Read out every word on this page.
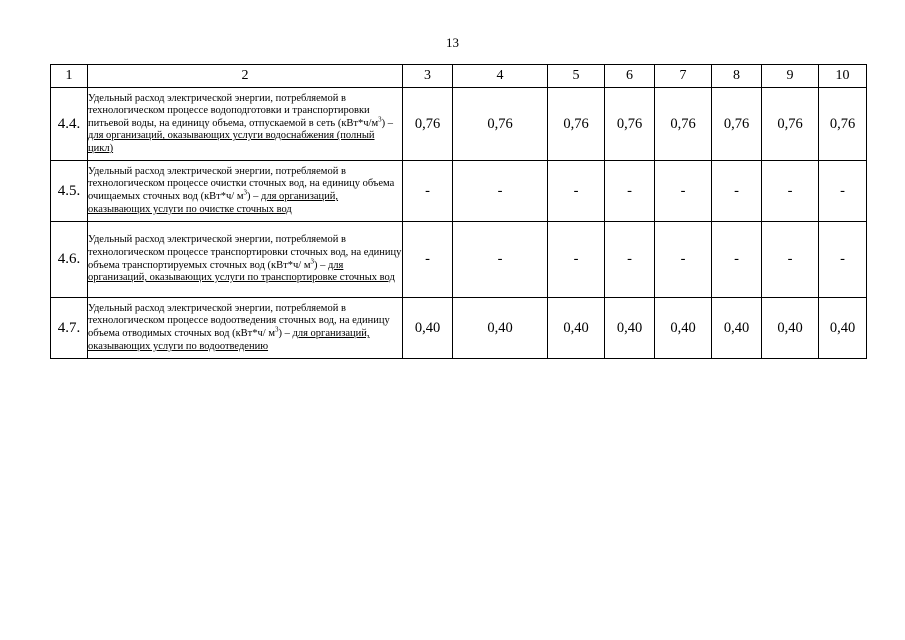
13
1	2	3	4	5	6	7	8	9	10
4.4.	Удельный расход электрической энергии, потребляемой в технологическом процессе водоподготовки и транспортировки питьевой воды, на единицу объема, отпускаемой в сеть $(кВт*ч/м^3)$ – для организаций, оказывающих услуги водоснабжения (полный цикл)	0,76	0,76	0,76	0,76	0,76	0,76	0,76	0,76
4.5.	Удельный расход электрической энергии, потребляемой в технологическом процессе очистки сточных вод, на единицу объема очищаемых сточных вод (кВт*ч/ $м^3$) – для организаций, оказывающих услуги по очистке сточных вод	-	-	-	-	-	-	-	-
4.6.	Удельный расход электрической энергии, потребляемой в технологическом процессе транспортировки сточных вод, на единицу объема транспортируемых сточных вод (кВт*ч/ $м^3$) – для организаций, оказывающих услуги по транспортировке сточных вод	-	-	-	-	-	-	-	-
4.7.	Удельный расход электрической энергии, потребляемой в технологическом процессе водоотведения сточных вод, на единицу объема отводимых сточных вод (кВт*ч/ $м^3$) – для организаций, оказывающих услуги по водоотведению	0,40	0,40	0,40	0,40	0,40	0,40	0,40	0,40
